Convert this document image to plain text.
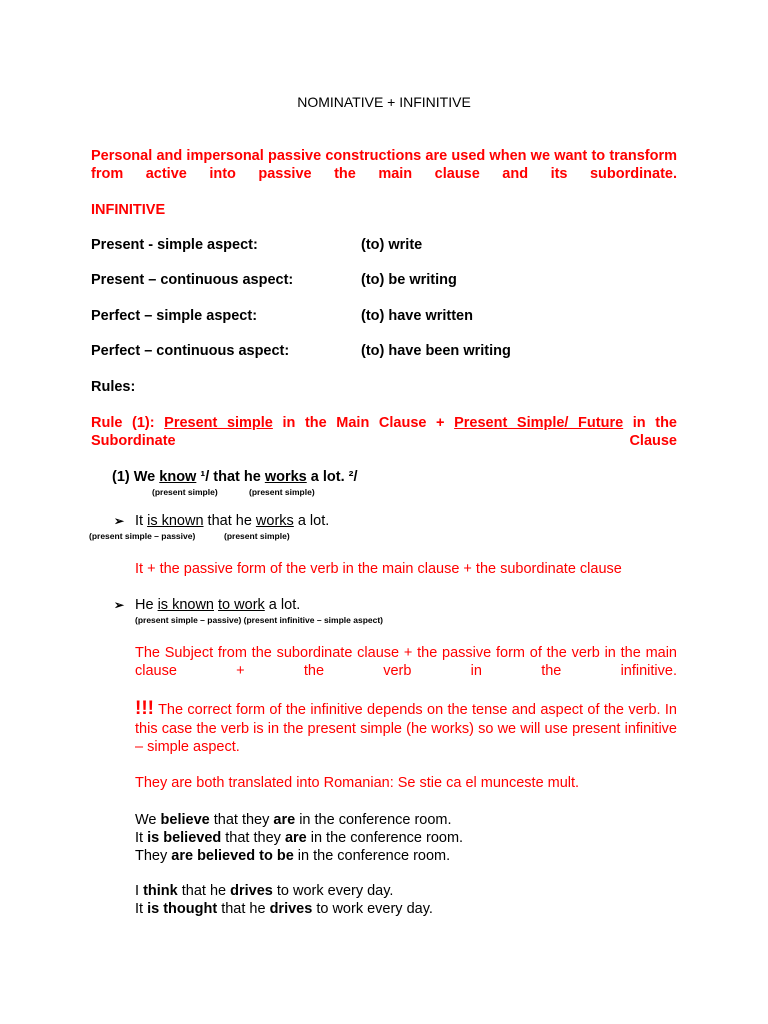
NOMINATIVE + INFINITIVE
Personal and impersonal passive constructions are used when we want to transform from active into passive the main clause and its subordinate.
INFINITIVE
Present - simple aspect:	(to) write
Present – continuous aspect:	(to) be writing
Perfect – simple aspect:	(to) have written
Perfect – continuous aspect:	(to) have been writing
Rules:
Rule (1): Present simple in the Main Clause + Present Simple/ Future in the Subordinate Clause
(1) We know ¹/ that he works a lot. ²/
(present simple)	(present simple)
➢ It is known that he works a lot.
(present simple – passive)	(present simple)
It + the passive form of the verb in the main clause + the subordinate clause
➢ He is known to work a lot.
(present simple – passive) (present infinitive – simple aspect)
The Subject from the subordinate clause + the passive form of the verb in the main clause + the verb in the infinitive.
!!! The correct form of the infinitive depends on the tense and aspect of the verb. In this case the verb is in the present simple (he works) so we will use present infinitive – simple aspect.
They are both translated into Romanian: Se stie ca el munceste mult.
We believe that they are in the conference room.
It is believed that they are in the conference room.
They are believed to be in the conference room.
I think that he drives to work every day.
It is thought that he drives to work every day.
